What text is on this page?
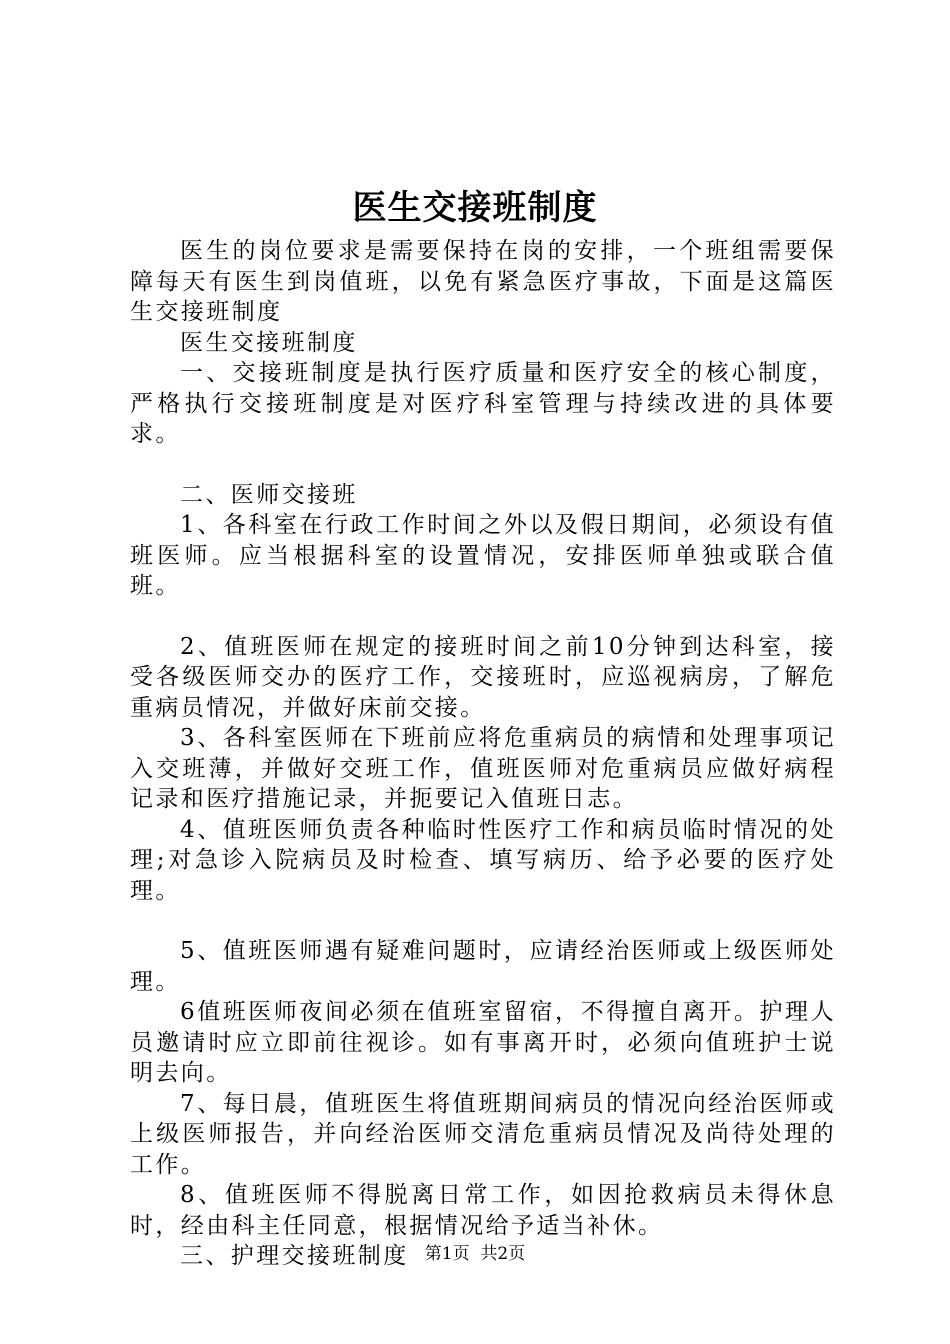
医生交接班制度

医生的岗位要求是需要保持在岗的安排，一个班组需要保障每天有医生到岗值班，以免有紧急医疗事故，下面是这篇医生交接班制度

医生交接班制度

一、交接班制度是执行医疗质量和医疗安全的核心制度，严格执行交接班制度是对医疗科室管理与持续改进的具体要求。

二、医师交接班

1、各科室在行政工作时间之外以及假日期间，必须设有值班医师。应当根据科室的设置情况，安排医师单独或联合值班。

2、值班医师在规定的接班时间之前10分钟到达科室，接受各级医师交办的医疗工作，交接班时，应巡视病房，了解危重病员情况，并做好床前交接。

3、各科室医师在下班前应将危重病员的病情和处理事项记入交班薄，并做好交班工作，值班医师对危重病员应做好病程记录和医疗措施记录，并扼要记入值班日志。

4、值班医师负责各种临时性医疗工作和病员临时情况的处理;对急诊入院病员及时检查、填写病历、给予必要的医疗处理。

5、值班医师遇有疑难问题时，应请经治医师或上级医师处理。

6值班医师夜间必须在值班室留宿，不得擅自离开。护理人员邀请时应立即前往视诊。如有事离开时，必须向值班护士说明去向。

7、每日晨，值班医生将值班期间病员的情况向经治医师或上级医师报告，并向经治医师交清危重病员情况及尚待处理的工作。

8、值班医师不得脱离日常工作，如因抢救病员未得休息时，经由科主任同意，根据情况给予适当补休。

三、护理交接班制度 第1页  共2页
